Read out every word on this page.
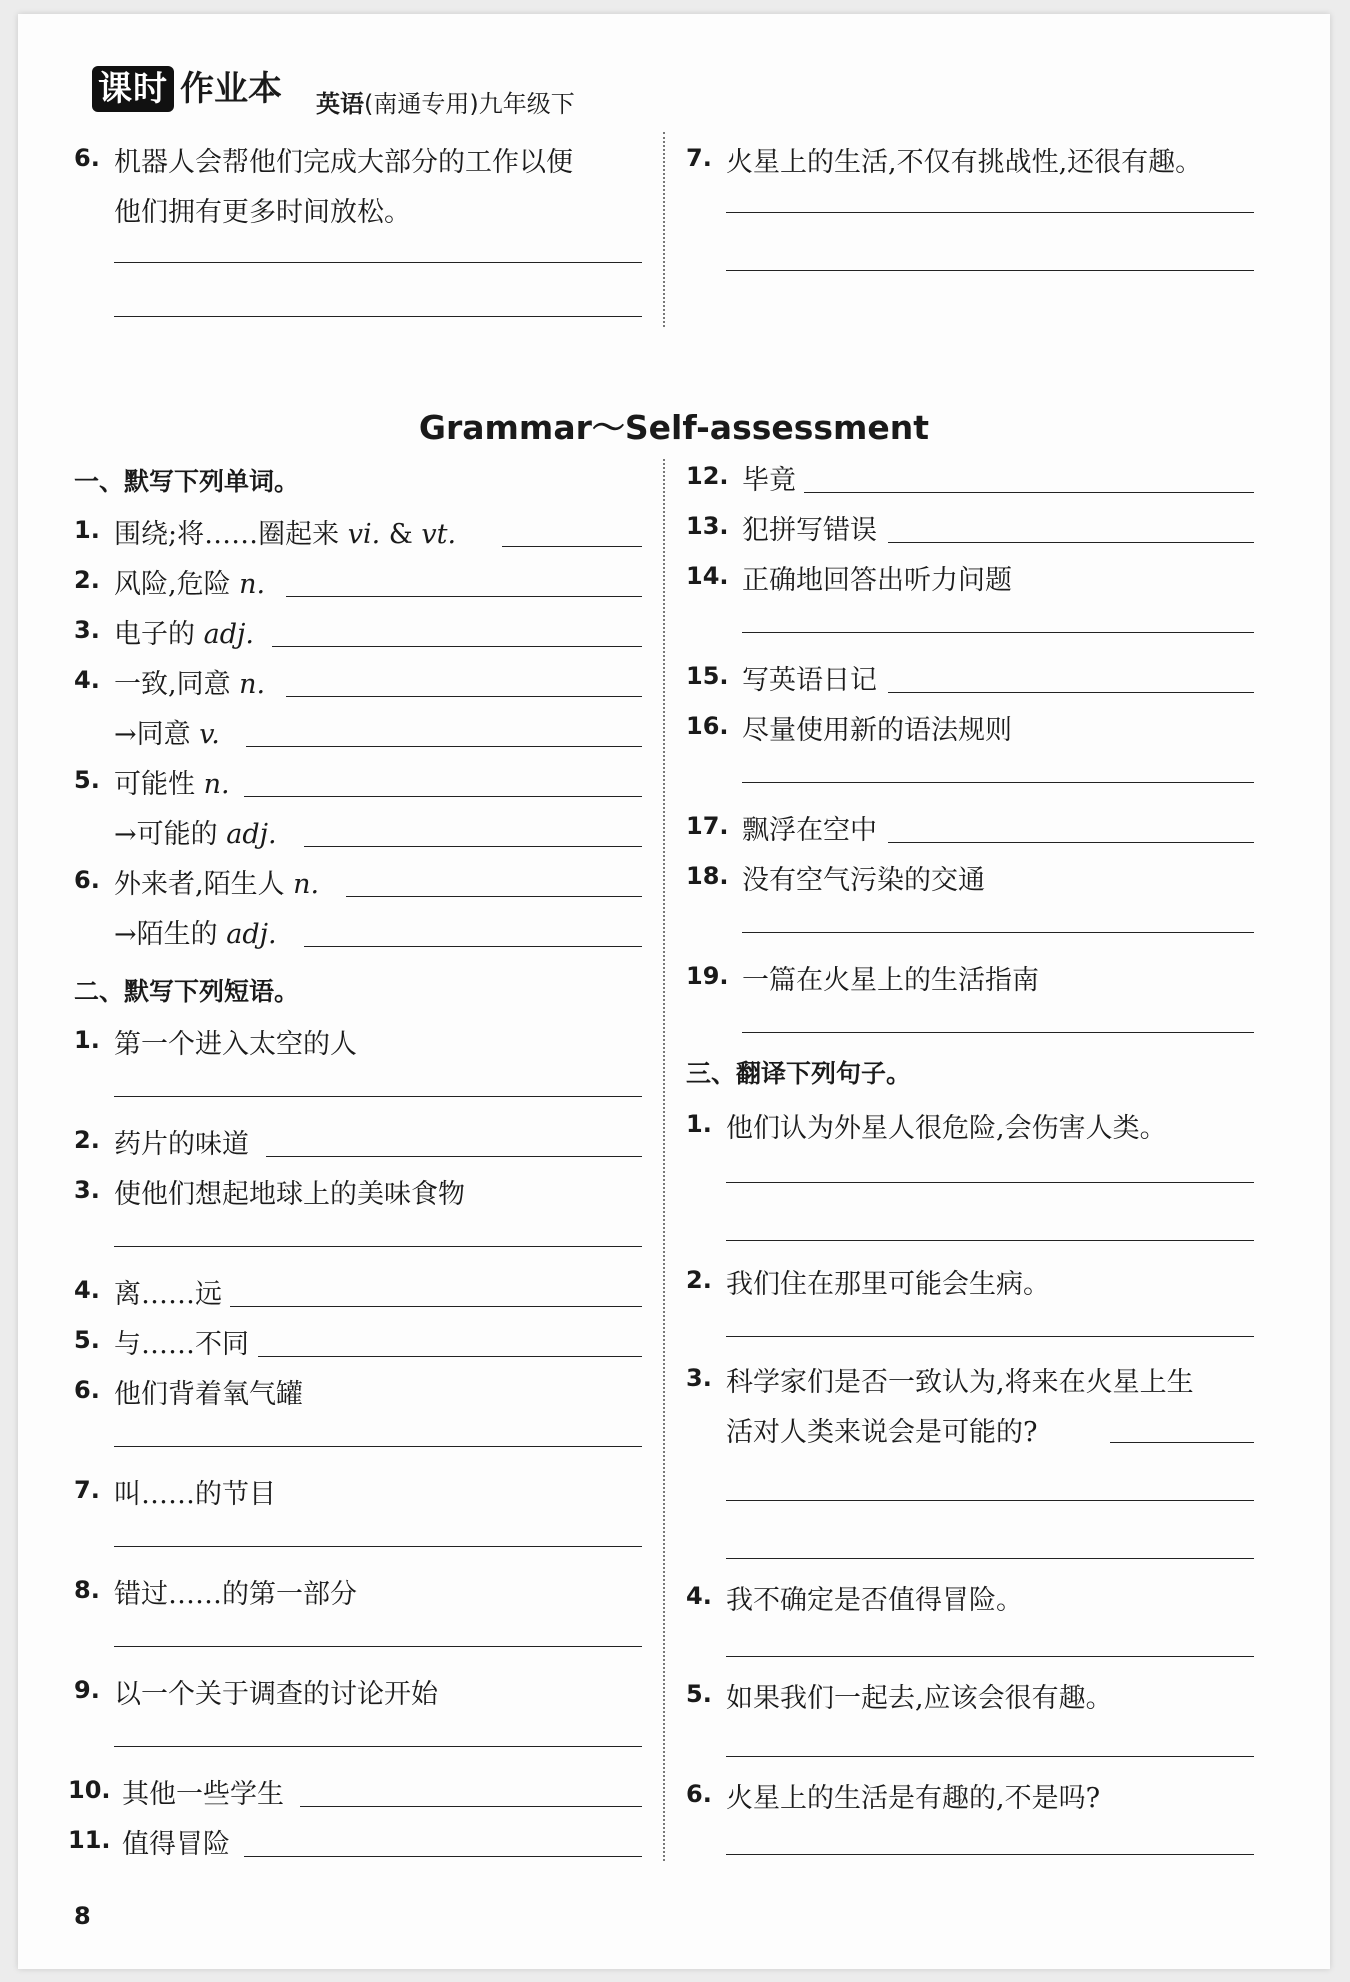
课时 作业本 英语(南通专用)九年级下
6. 机器人会帮他们完成大部分的工作以便
他们拥有更多时间放松。
7. 火星上的生活,不仅有挑战性,还很有趣。
Grammar～Self-assessment
一、默写下列单词。
1. 围绕;将……圈起来 vi. & vt.
2. 风险,危险 n.
3. 电子的 adj.
4. 一致,同意 n.
→同意 v.
5. 可能性 n.
→可能的 adj.
6. 外来者,陌生人 n.
→陌生的 adj.
二、默写下列短语。
1. 第一个进入太空的人
2. 药片的味道
3. 使他们想起地球上的美味食物
4. 离……远
5. 与……不同
6. 他们背着氧气罐
7. 叫……的节目
8. 错过……的第一部分
9. 以一个关于调查的讨论开始
10. 其他一些学生
11. 值得冒险
12. 毕竟
13. 犯拼写错误
14. 正确地回答出听力问题
15. 写英语日记
16. 尽量使用新的语法规则
17. 飘浮在空中
18. 没有空气污染的交通
19. 一篇在火星上的生活指南
三、翻译下列句子。
1. 他们认为外星人很危险,会伤害人类。
2. 我们住在那里可能会生病。
3. 科学家们是否一致认为,将来在火星上生
活对人类来说会是可能的?
4. 我不确定是否值得冒险。
5. 如果我们一起去,应该会很有趣。
6. 火星上的生活是有趣的,不是吗?
8
